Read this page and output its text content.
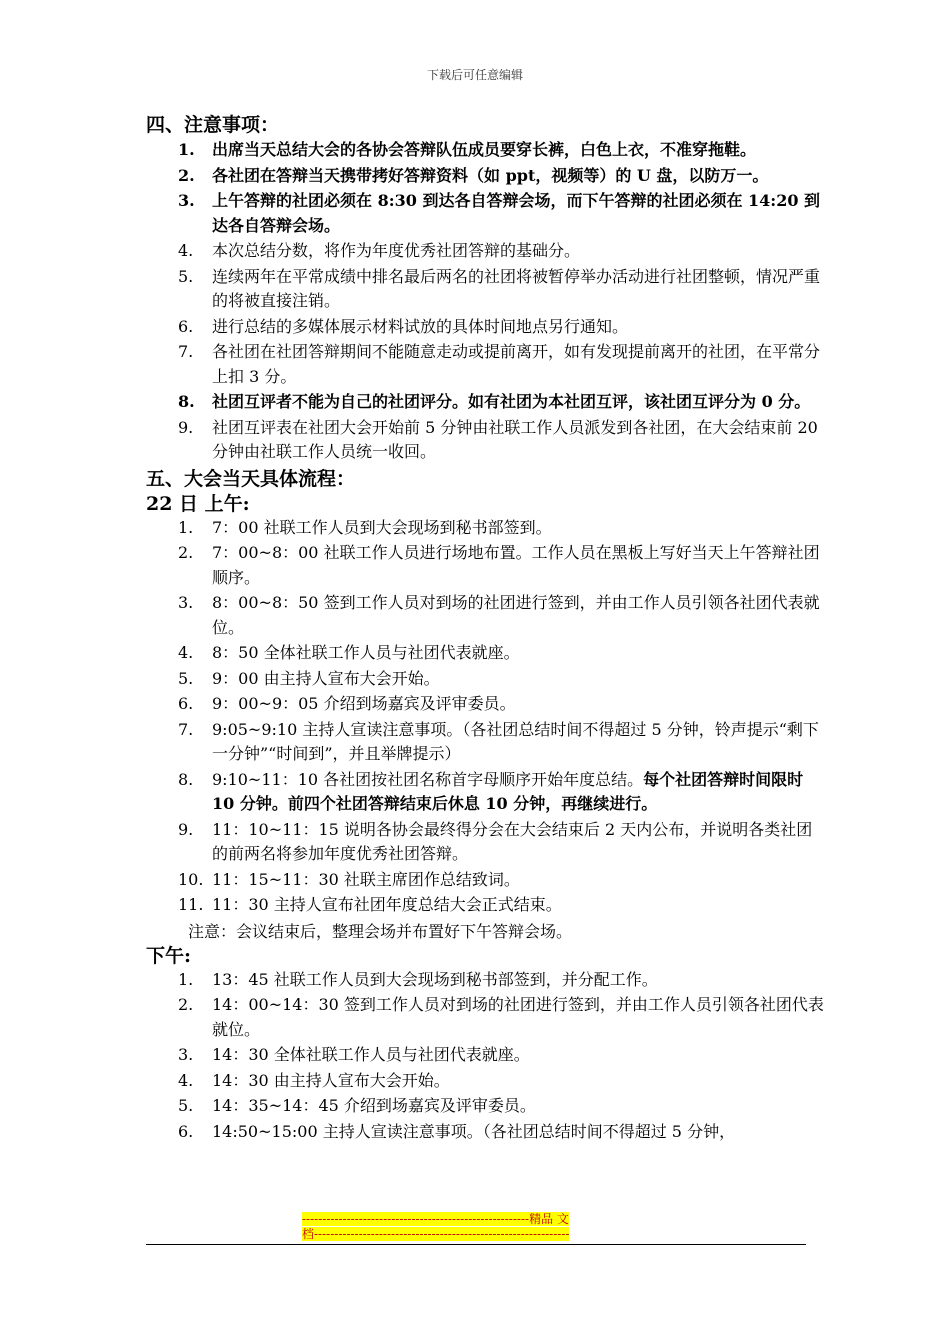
下载后可任意编辑
四、注意事项：
1. 出席当天总结大会的各协会答辩队伍成员要穿长裤，白色上衣，不准穿拖鞋。
2. 各社团在答辩当天携带拷好答辩资料（如 ppt，视频等）的 U 盘，以防万一。
3. 上午答辩的社团必须在 8:30 到达各自答辩会场，而下午答辩的社团必须在 14:20 到达各自答辩会场。
4. 本次总结分数，将作为年度优秀社团答辩的基础分。
5. 连续两年在平常成绩中排名最后两名的社团将被暂停举办活动进行社团整顿，情况严重的将被直接注销。
6. 进行总结的多媒体展示材料试放的具体时间地点另行通知。
7. 各社团在社团答辩期间不能随意走动或提前离开，如有发现提前离开的社团，在平常分上扣 3 分。
8. 社团互评者不能为自己的社团评分。如有社团为本社团互评，该社团互评分为 0 分。
9. 社团互评表在社团大会开始前 5 分钟由社联工作人员派发到各社团，在大会结束前 20 分钟由社联工作人员统一收回。
五、大会当天具体流程：
22 日 上午:
1. 7：00 社联工作人员到大会现场到秘书部签到。
2. 7：00~8：00 社联工作人员进行场地布置。工作人员在黑板上写好当天上午答辩社团顺序。
3. 8：00~8：50 签到工作人员对到场的社团进行签到，并由工作人员引领各社团代表就位。
4. 8：50 全体社联工作人员与社团代表就座。
5. 9：00 由主持人宣布大会开始。
6. 9：00~9：05 介绍到场嘉宾及评审委员。
7. 9:05~9:10 主持人宣读注意事项。（各社团总结时间不得超过 5 分钟，铃声提示“剩下一分钟”“时间到”，并且举牌提示）
8. 9:10~11：10 各社团按社团名称首字母顺序开始年度总结。每个社团答辩时间限时 10 分钟。前四个社团答辩结束后休息 10 分钟，再继续进行。
9. 11：10~11：15 说明各协会最终得分会在大会结束后 2 天内公布，并说明各类社团的前两名将参加年度优秀社团答辩。
10. 11：15~11：30 社联主席团作总结致词。
11. 11：30 主持人宣布社团年度总结大会正式结束。
注意：会议结束后，整理会场并布置好下午答辩会场。
下午:
1. 13：45 社联工作人员到大会现场到秘书部签到，并分配工作。
2. 14：00~14：30 签到工作人员对到场的社团进行签到，并由工作人员引领各社团代表就位。
3. 14：30 全体社联工作人员与社团代表就座。
4. 14：30 由主持人宣布大会开始。
5. 14：35~14：45 介绍到场嘉宾及评审委员。
6. 14:50~15:00 主持人宣读注意事项。（各社团总结时间不得超过 5 分钟，
--------------------------------------------------------精品 文
档---------------------------------------------------------------
